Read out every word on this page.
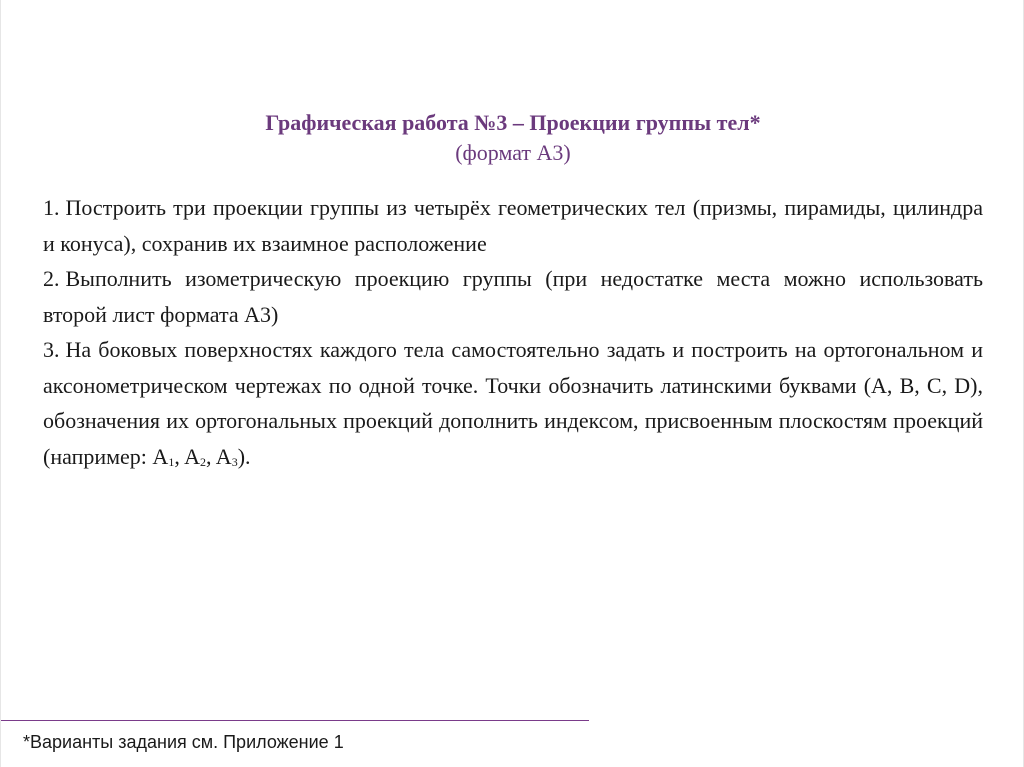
Графическая работа №3 – Проекции группы тел*
(формат А3)

1. Построить три проекции группы из четырёх геометрических тел (призмы, пирамиды, цилиндра и конуса), сохранив их взаимное расположение

2. Выполнить изометрическую проекцию группы (при недостатке места можно использовать второй лист формата А3)

3. На боковых поверхностях каждого тела самостоятельно задать и построить на ортогональном и аксонометрическом чертежах по одной точке. Точки обозначить латинскими буквами (A, B, C, D), обозначения их ортогональных проекций дополнить индексом, присвоенным плоскостям проекций (например: A1, A2, A3).

*Варианты задания см. Приложение 1
